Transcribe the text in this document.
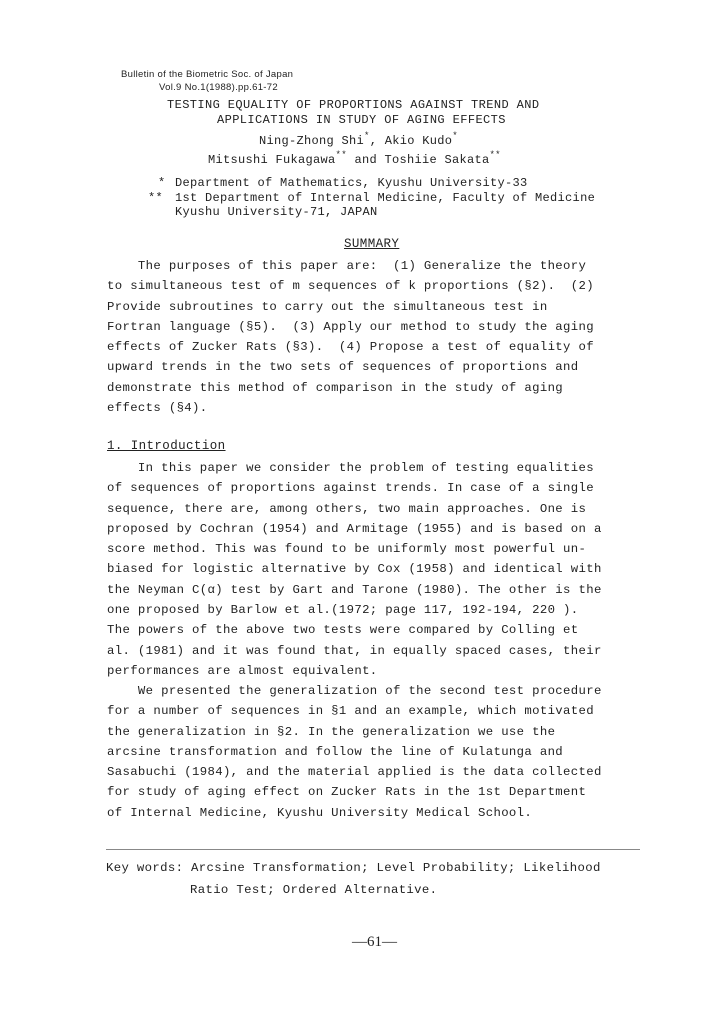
Bulletin of the Biometric Soc. of Japan
Vol.9 No.1(1988).pp.61-72
TESTING EQUALITY OF PROPORTIONS AGAINST TREND AND
APPLICATIONS IN STUDY OF AGING EFFECTS
Ning-Zhong Shi*, Akio Kudo*
Mitsushi Fukagawa** and Toshiie Sakata**
* Department of Mathematics, Kyushu University-33
** 1st Department of Internal Medicine, Faculty of Medicine
Kyushu University-71, JAPAN
SUMMARY
The purposes of this paper are:  (1) Generalize the theory
to simultaneous test of m sequences of k proportions (§2).  (2)
Provide subroutines to carry out the simultaneous test in
Fortran language (§5).  (3) Apply our method to study the aging
effects of Zucker Rats (§3).  (4) Propose a test of equality of
upward trends in the two sets of sequences of proportions and
demonstrate this method of comparison in the study of aging
effects (§4).
1. Introduction
In this paper we consider the problem of testing equalities
of sequences of proportions against trends. In case of a single
sequence, there are, among others, two main approaches. One is
proposed by Cochran (1954) and Armitage (1955) and is based on a
score method. This was found to be uniformly most powerful un-
biased for logistic alternative by Cox (1958) and identical with
the Neyman C(α) test by Gart and Tarone (1980). The other is the
one proposed by Barlow et al.(1972; page 117, 192-194, 220 ).
The powers of the above two tests were compared by Colling et
al. (1981) and it was found that, in equally spaced cases, their
performances are almost equivalent.
We presented the generalization of the second test procedure
for a number of sequences in §1 and an example, which motivated
the generalization in §2. In the generalization we use the
arcsine transformation and follow the line of Kulatunga and
Sasabuchi (1984), and the material applied is the data collected
for study of aging effect on Zucker Rats in the 1st Department
of Internal Medicine, Kyushu University Medical School.
Key words: Arcsine Transformation; Level Probability; Likelihood
Ratio Test; Ordered Alternative.
—61—
